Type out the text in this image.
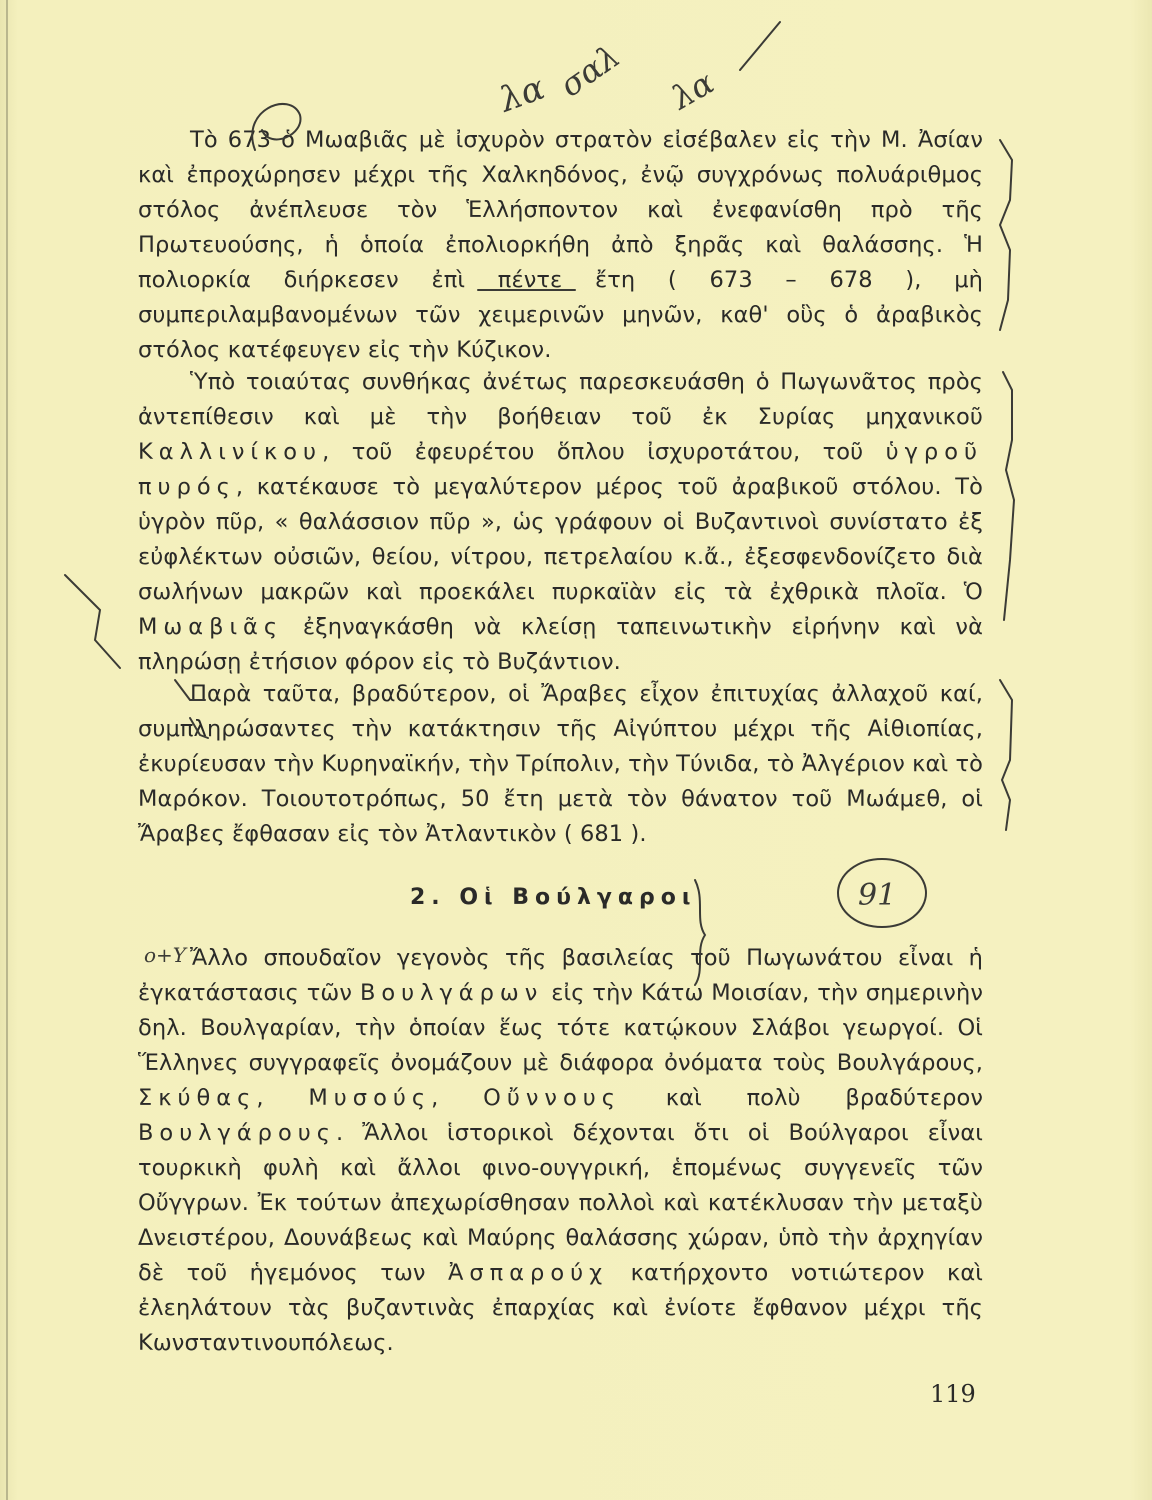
Τὸ 673 ὁ Μωαβιᾶς μὲ ἰσχυρὸν στρατὸν εἰσέβαλεν εἰς τὴν Μ. Ἀσίαν καὶ ἐπροχώρησεν μέχρι τῆς Χαλκηδόνος, ἐνῷ συγχρόνως πολυάριθμος στόλος ἀνέπλευσε τὸν Ἑλλήσποντον καὶ ἐνεφανίσθη πρὸ τῆς Πρωτευούσης, ἡ ὁποία ἐπολιορκήθη ἀπὸ ξηρᾶς καὶ θαλάσσης. Ἡ πολιορκία διήρκεσεν ἐπὶ πέντε ἔτη ( 673 – 678 ), μὴ συμπεριλαμβανομένων τῶν χειμερινῶν μηνῶν, καθ' οὓς ὁ ἀραβικὸς στόλος κατέφευγεν εἰς τὴν Κύζικον.

Ὑπὸ τοιαύτας συνθήκας ἀνέτως παρεσκευάσθη ὁ Πωγωνᾶτος πρὸς ἀντεπίθεσιν καὶ μὲ τὴν βοήθειαν τοῦ ἐκ Συρίας μηχανικοῦ Καλλινίκου, τοῦ ἐφευρέτου ὅπλου ἰσχυροτάτου, τοῦ ὑγροῦ πυρός, κατέκαυσε τὸ μεγαλύτερον μέρος τοῦ ἀραβικοῦ στόλου. Τὸ ὑγρὸν πῦρ, « θαλάσσιον πῦρ », ὡς γράφουν οἱ Βυζαντινοὶ συνίστατο ἐξ εὐφλέκτων οὐσιῶν, θείου, νίτρου, πετρελαίου κ.ἄ., ἐξεσφενδονίζετο διὰ σωλήνων μακρῶν καὶ προεκάλει πυρκαϊὰν εἰς τὰ ἐχθρικὰ πλοῖα. Ὁ Μωαβιᾶς ἐξηναγκάσθη νὰ κλείσῃ ταπεινωτικὴν εἰρήνην καὶ νὰ πληρώσῃ ἐτήσιον φόρον εἰς τὸ Βυζάντιον.

Παρὰ ταῦτα, βραδύτερον, οἱ Ἄραβες εἶχον ἐπιτυχίας ἀλλαχοῦ καί, συμπληρώσαντες τὴν κατάκτησιν τῆς Αἰγύπτου μέχρι τῆς Αἰθιοπίας, ἐκυρίευσαν τὴν Κυρηναϊκήν, τὴν Τρίπολιν, τὴν Τύνιδα, τὸ Ἀλγέριον καὶ τὸ Μαρόκον. Τοιουτοτρόπως, 50 ἔτη μετὰ τὸν θάνατον τοῦ Μωάμεθ, οἱ Ἄραβες ἔφθασαν εἰς τὸν Ἀτλαντικὸν ( 681 ).

2. Οἱ Βούλγαροι

Ἄλλο σπουδαῖον γεγονὸς τῆς βασιλείας τοῦ Πωγωνάτου εἶναι ἡ ἐγκατάστασις τῶν Βουλγάρων εἰς τὴν Κάτω Μοισίαν, τὴν σημερινὴν δηλ. Βουλγαρίαν, τὴν ὁποίαν ἕως τότε κατῴκουν Σλάβοι γεωργοί. Οἱ Ἕλληνες συγγραφεῖς ὀνομάζουν μὲ διάφορα ὀνόματα τοὺς Βουλγάρους, Σκύθας, Μυσούς, Οὔννους καὶ πολὺ βραδύτερον Βουλγάρους. Ἄλλοι ἱστορικοὶ δέχονται ὅτι οἱ Βούλγαροι εἶναι τουρκικὴ φυλὴ καὶ ἄλλοι φινο-ουγγρική, ἑπομένως συγγενεῖς τῶν Οὔγγρων. Ἐκ τούτων ἀπεχωρίσθησαν πολλοὶ καὶ κατέκλυσαν τὴν μεταξὺ Δνειστέρου, Δουνάβεως καὶ Μαύρης θαλάσσης χώραν, ὑπὸ τὴν ἀρχηγίαν δὲ τοῦ ἡγεμόνος των Ἀσπαρούχ κατήρχοντο νοτιώτερον καὶ ἐλεηλάτουν τὰς βυζαντινὰς ἐπαρχίας καὶ ἐνίοτε ἔφθανον μέχρι τῆς Κωνσταντινουπόλεως.

119
λα σαλ λα
91
ο+Υ
